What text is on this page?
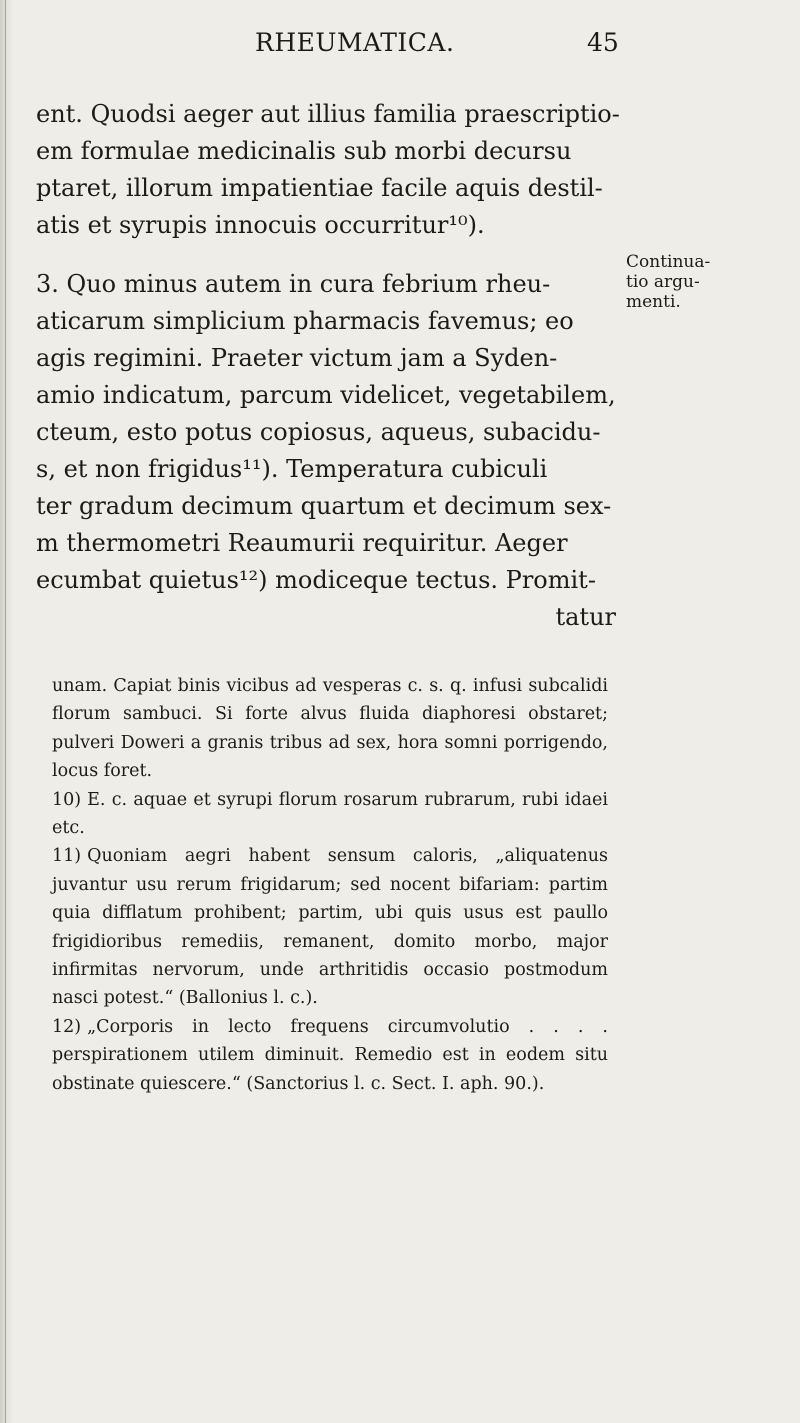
RHEUMATICA.	45
ent. Quodsi aeger aut illius familia praescriptio-
em formulae medicinalis sub morbi decursu
ptaret, illorum impatientiae facile aquis destil-
atis et syrupis innocuis occurritur¹⁰).
3. Quo minus autem in cura febrium rheu-
aticarum simplicium pharmacis favemus; eo
agis regimini. Praeter victum jam a Syden-
amio indicatum, parcum videlicet, vegetabilem,
cteum, esto potus copiosus, aqueus, subacidu-
s, et non frigidus¹¹). Temperatura cubiculi
ter gradum decimum quartum et decimum sex-
m thermometri Reaumurii requiritur. Aeger
ecumbat quietus¹²) modiceque tectus. Promit-
tatur
Continua-
tio argu-
menti.
unam. Capiat binis vicibus ad vesperas c. s. q. infusi subcalidi florum sambuci. Si forte alvus fluida diaphoresi obstaret; pulveri Doweri a granis tribus ad sex, hora somni porrigendo, locus foret.
10) E. c. aquae et syrupi florum rosarum rubrarum, rubi idaei etc.
11) Quoniam aegri habent sensum caloris, „aliquatenus juvantur usu rerum frigidarum; sed nocent bifariam: partim quia difflatum prohibent; partim, ubi quis usus est paullo frigidioribus remediis, remanent, domito morbo, major infirmitas nervorum, unde arthritidis occasio postmodum nasci potest.“ (Ballonius l. c.).
12) „Corporis in lecto frequens circumvolutio . . . . perspirationem utilem diminuit. Remedio est in eodem situ obstinate quiescere.“ (Sanctorius l. c. Sect. I. aph. 90.).
